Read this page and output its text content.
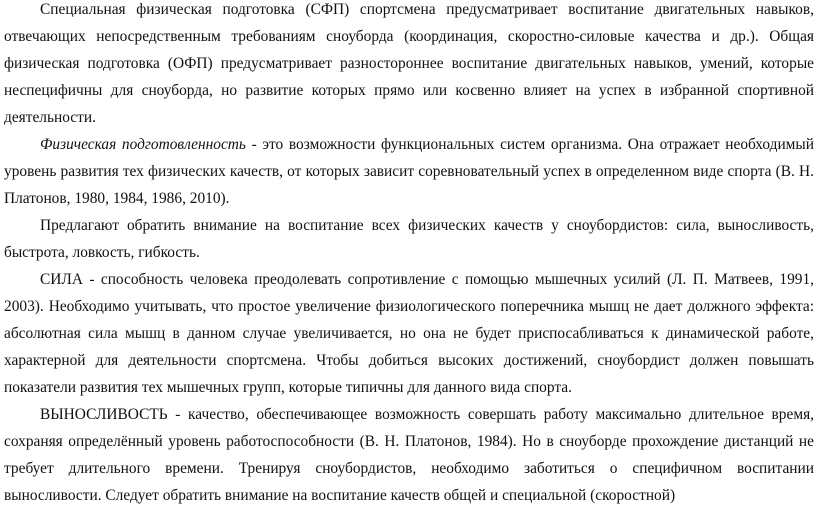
Специальная физическая подготовка (СФП) спортсмена предусматривает воспитание двигательных навыков, отвечающих непосредственным требованиям сноуборда (координация, скоростно-силовые качества и др.). Общая физическая подготовка (ОФП) предусматривает разностороннее воспитание двигательных навыков, умений, которые неспецифичны для сноуборда, но развитие которых прямо или косвенно влияет на успех в избранной спортивной деятельности.

Физическая подготовленность - это возможности функциональных систем организма. Она отражает необходимый уровень развития тех физических качеств, от которых зависит соревновательный успех в определенном виде спорта (В. Н. Платонов, 1980, 1984, 1986, 2010).

Предлагают обратить внимание на воспитание всех физических качеств у сноубордистов: сила, выносливость, быстрота, ловкость, гибкость.

СИЛА - способность человека преодолевать сопротивление с помощью мышечных усилий (Л. П. Матвеев, 1991, 2003). Необходимо учитывать, что простое увеличение физиологического поперечника мышц не дает должного эффекта: абсолютная сила мышц в данном случае увеличивается, но она не будет приспосабливаться к динамической работе, характерной для деятельности спортсмена. Чтобы добиться высоких достижений, сноубордист должен повышать показатели развития тех мышечных групп, которые типичны для данного вида спорта.

ВЫНОСЛИВОСТЬ - качество, обеспечивающее возможность совершать работу максимально длительное время, сохраняя определённый уровень работоспособности (В. Н. Платонов, 1984). Но в сноуборде прохождение дистанций не требует длительного времени. Тренируя сноубордистов, необходимо заботиться о специфичном воспитании выносливости. Следует обратить внимание на воспитание качеств общей и специальной (скоростной)
